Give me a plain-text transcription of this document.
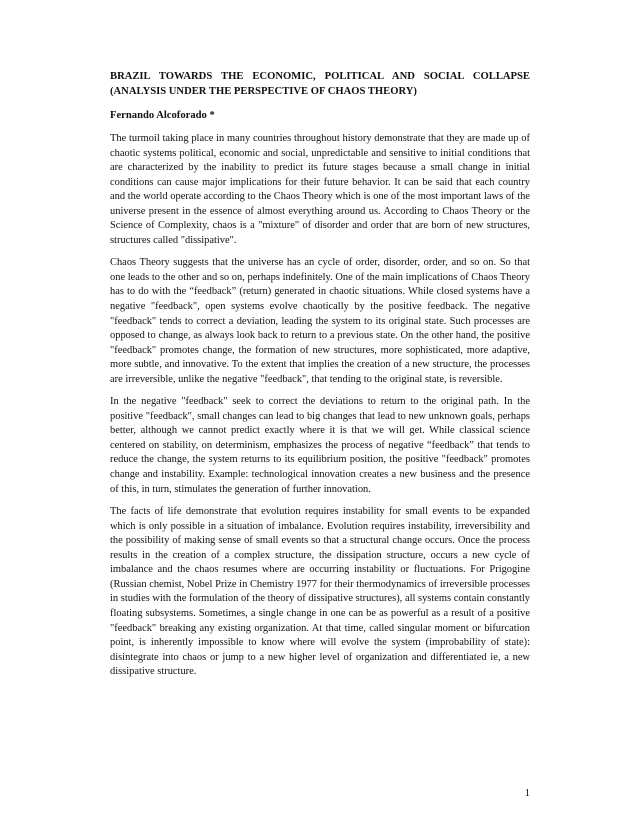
BRAZIL TOWARDS THE ECONOMIC, POLITICAL AND SOCIAL COLLAPSE (ANALYSIS UNDER THE PERSPECTIVE OF CHAOS THEORY)
Fernando Alcoforado *

The turmoil taking place in many countries throughout history demonstrate that they are made up of chaotic systems political, economic and social, unpredictable and sensitive to initial conditions that are characterized by the inability to predict its future stages because a small change in initial conditions can cause major implications for their future behavior. It can be said that each country and the world operate according to the Chaos Theory which is one of the most important laws of the universe present in the essence of almost everything around us. According to Chaos Theory or the Science of Complexity, chaos is a "mixture" of disorder and order that are born of new structures, structures called "dissipative".

Chaos Theory suggests that the universe has an cycle of order, disorder, order, and so on. So that one leads to the other and so on, perhaps indefinitely. One of the main implications of Chaos Theory has to do with the “feedback” (return) generated in chaotic situations. While closed systems have a negative "feedback", open systems evolve chaotically by the positive feedback. The negative "feedback" tends to correct a deviation, leading the system to its original state. Such processes are opposed to change, as always look back to return to a previous state. On the other hand, the positive "feedback" promotes change, the formation of new structures, more sophisticated, more adaptive, more subtle, and innovative. To the extent that implies the creation of a new structure, the processes are irreversible, unlike the negative "feedback", that tending to the original state, is reversible.

In the negative "feedback" seek to correct the deviations to return to the original path. In the positive "feedback", small changes can lead to big changes that lead to new unknown goals, perhaps better, although we cannot predict exactly where it is that we will get. While classical science centered on stability, on determinism, emphasizes the process of negative “feedback” that tends to reduce the change, the system returns to its equilibrium position, the positive "feedback" promotes change and instability. Example: technological innovation creates a new business and the presence of this, in turn, stimulates the generation of further innovation.

The facts of life demonstrate that evolution requires instability for small events to be expanded which is only possible in a situation of imbalance. Evolution requires instability, irreversibility and the possibility of making sense of small events so that a structural change occurs. Once the process results in the creation of a complex structure, the dissipation structure, occurs a new cycle of imbalance and the chaos resumes where are occurring instability or fluctuations. For Prigogine (Russian chemist, Nobel Prize in Chemistry 1977 for their thermodynamics of irreversible processes in studies with the formulation of the theory of dissipative structures), all systems contain constantly floating subsystems. Sometimes, a single change in one can be as powerful as a result of a positive "feedback" breaking any existing organization. At that time, called singular moment or bifurcation point, is inherently impossible to know where will evolve the system (improbability of state): disintegrate into chaos or jump to a new higher level of organization and differentiated ie, a new dissipative structure.

1
